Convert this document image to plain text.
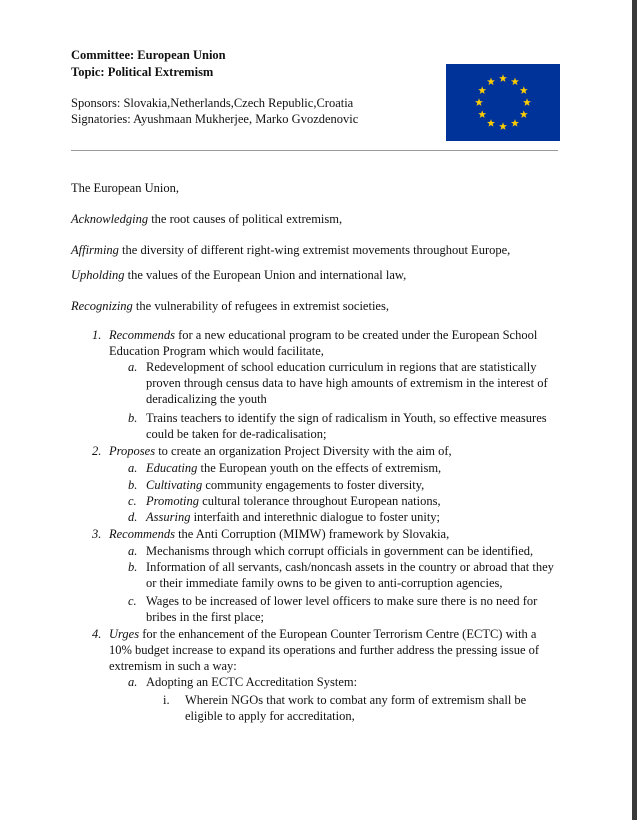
Committee: European Union
Topic: Political Extremism
Sponsors: Slovakia,Netherlands,Czech Republic,Croatia
Signatories: Ayushmaan Mukherjee, Marko Gvozdenovic
The European Union,
Acknowledging the root causes of political extremism,
Affirming the diversity of different right-wing extremist movements throughout Europe,
Upholding the values of the European Union and international law,
Recognizing the vulnerability of refugees in extremist societies,
1. Recommends for a new educational program to be created under the European School
Education Program which would facilitate,
a. Redevelopment of school education curriculum in regions that are statistically
proven through census data to have high amounts of extremism in the interest of
deradicalizing the youth
b. Trains teachers to identify the sign of radicalism in Youth, so effective measures
could be taken for de-radicalisation;
2. Proposes to create an organization Project Diversity with the aim of,
a. Educating the European youth on the effects of extremism,
b. Cultivating community engagements to foster diversity,
c. Promoting cultural tolerance throughout European nations,
d. Assuring interfaith and interethnic dialogue to foster unity;
3. Recommends the Anti Corruption (MIMW) framework by Slovakia,
a. Mechanisms through which corrupt officials in government can be identified,
b. Information of all servants, cash/noncash assets in the country or abroad that they
or their immediate family owns to be given to anti-corruption agencies,
c. Wages to be increased of lower level officers to make sure there is no need for
bribes in the first place;
4. Urges for the enhancement of the European Counter Terrorism Centre (ECTC) with a
10% budget increase to expand its operations and further address the pressing issue of
extremism in such a way:
a. Adopting an ECTC Accreditation System:
i. Wherein NGOs that work to combat any form of extremism shall be
eligible to apply for accreditation,
